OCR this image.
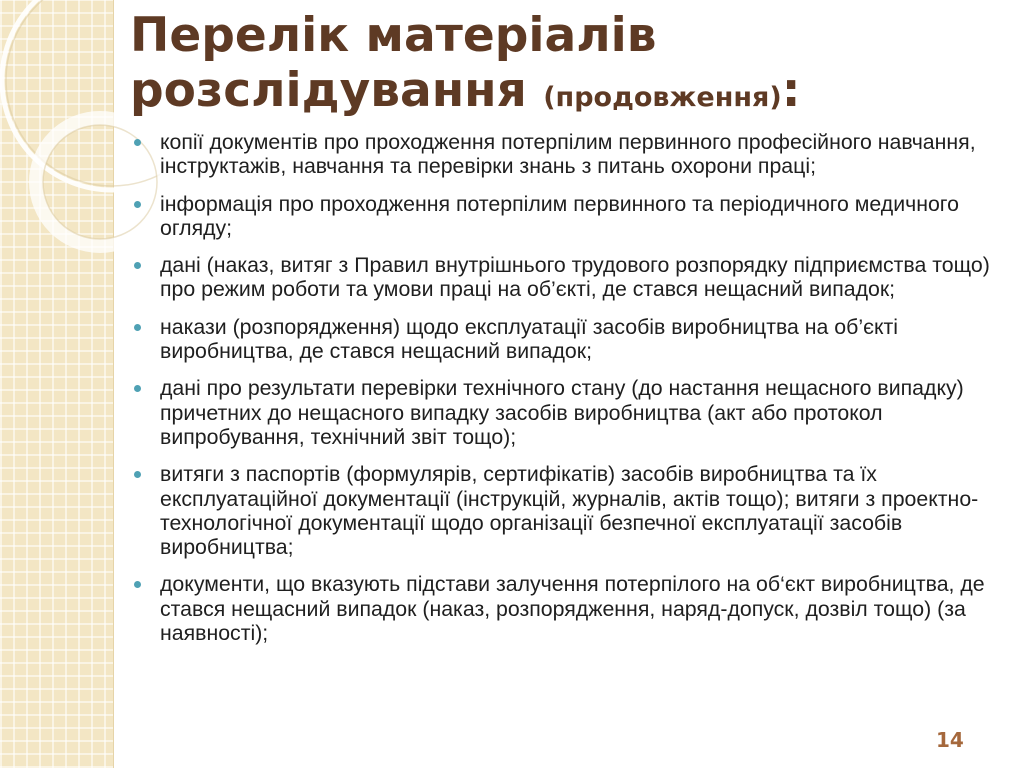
Перелік матеріалів
розслідування (продовження):
копії документів про проходження потерпілим первинного професійного навчання, інструктажів, навчання та перевірки знань з питань охорони праці;
інформація про проходження потерпілим первинного та періодичного медичного огляду;
дані (наказ, витяг з Правил внутрішнього трудового розпорядку підприємства тощо) про режим роботи та умови праці на об’єкті, де стався нещасний випадок;
накази (розпорядження) щодо експлуатації засобів виробництва на об’єкті виробництва, де стався нещасний випадок;
дані про результати перевірки технічного стану (до настання нещасного випадку) причетних до нещасного випадку засобів виробництва (акт або протокол випробування, технічний звіт тощо);
витяги з паспортів (формулярів, сертифікатів) засобів виробництва та їх експлуатаційної документації (інструкцій, журналів, актів тощо); витяги з проектно-технологічної документації щодо організації безпечної експлуатації засобів виробництва;
документи, що вказують підстави залучення потерпілого на об‘єкт виробництва, де стався нещасний випадок (наказ, розпорядження, наряд-допуск, дозвіл тощо) (за наявності);
14
